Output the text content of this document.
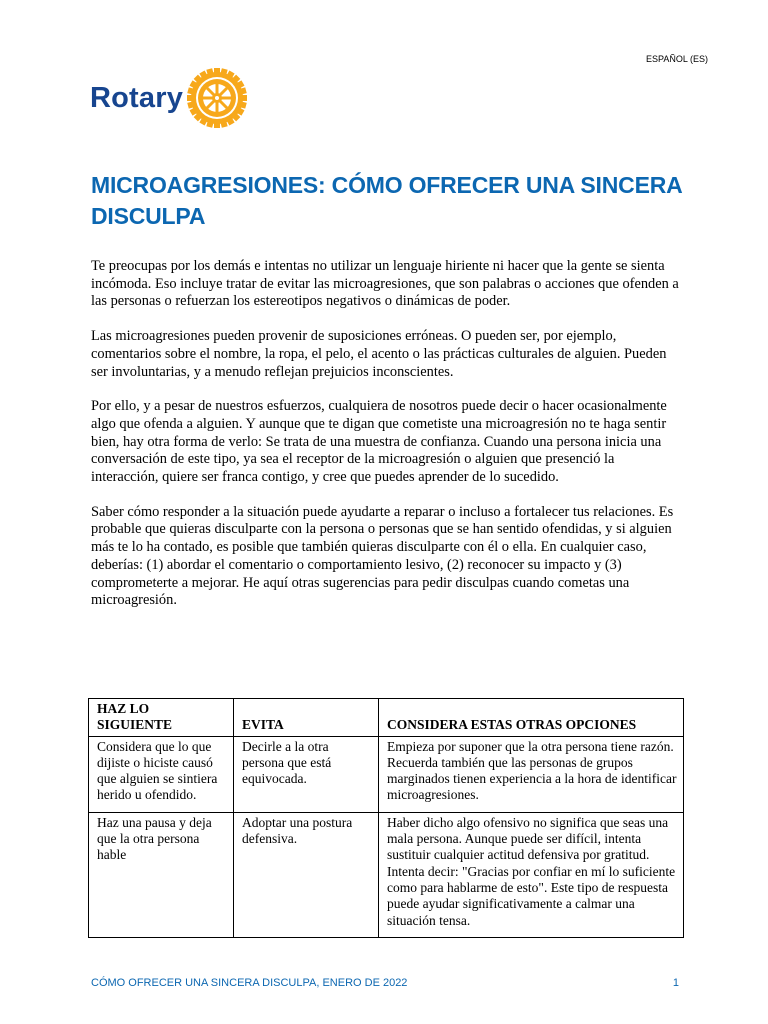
ESPAÑOL (ES)
Rotary
MICROAGRESIONES: CÓMO OFRECER UNA SINCERA DISCULPA

Te preocupas por los demás e intentas no utilizar un lenguaje hiriente ni hacer que la gente se sienta incómoda. Eso incluye tratar de evitar las microagresiones, que son palabras o acciones que ofenden a las personas o refuerzan los estereotipos negativos o dinámicas de poder.

Las microagresiones pueden provenir de suposiciones erróneas. O pueden ser, por ejemplo, comentarios sobre el nombre, la ropa, el pelo, el acento o las prácticas culturales de alguien. Pueden ser involuntarias, y a menudo reflejan prejuicios inconscientes.

Por ello, y a pesar de nuestros esfuerzos, cualquiera de nosotros puede decir o hacer ocasionalmente algo que ofenda a alguien. Y aunque que te digan que cometiste una microagresión no te haga sentir bien, hay otra forma de verlo: Se trata de una muestra de confianza. Cuando una persona inicia una conversación de este tipo, ya sea el receptor de la microagresión o alguien que presenció la interacción, quiere ser franca contigo, y cree que puedes aprender de lo sucedido.

Saber cómo responder a la situación puede ayudarte a reparar o incluso a fortalecer tus relaciones. Es probable que quieras disculparte con la persona o personas que se han sentido ofendidas, y si alguien más te lo ha contado, es posible que también quieras disculparte con él o ella. En cualquier caso, deberías: (1) abordar el comentario o comportamiento lesivo, (2) reconocer su impacto y (3) comprometerte a mejorar. He aquí otras sugerencias para pedir disculpas cuando cometas una microagresión.

HAZ LO SIGUIENTE	EVITA	CONSIDERA ESTAS OTRAS OPCIONES
Considera que lo que dijiste o hiciste causó que alguien se sintiera herido u ofendido.	Decirle a la otra persona que está equivocada.	Empieza por suponer que la otra persona tiene razón. Recuerda también que las personas de grupos marginados tienen experiencia a la hora de identificar microagresiones.
Haz una pausa y deja que la otra persona hable	Adoptar una postura defensiva.	Haber dicho algo ofensivo no significa que seas una mala persona. Aunque puede ser difícil, intenta sustituir cualquier actitud defensiva por gratitud. Intenta decir: "Gracias por confiar en mí lo suficiente como para hablarme de esto". Este tipo de respuesta puede ayudar significativamente a calmar una situación tensa.
CÓMO OFRECER UNA SINCERA DISCULPA, ENERO DE 2022	1
